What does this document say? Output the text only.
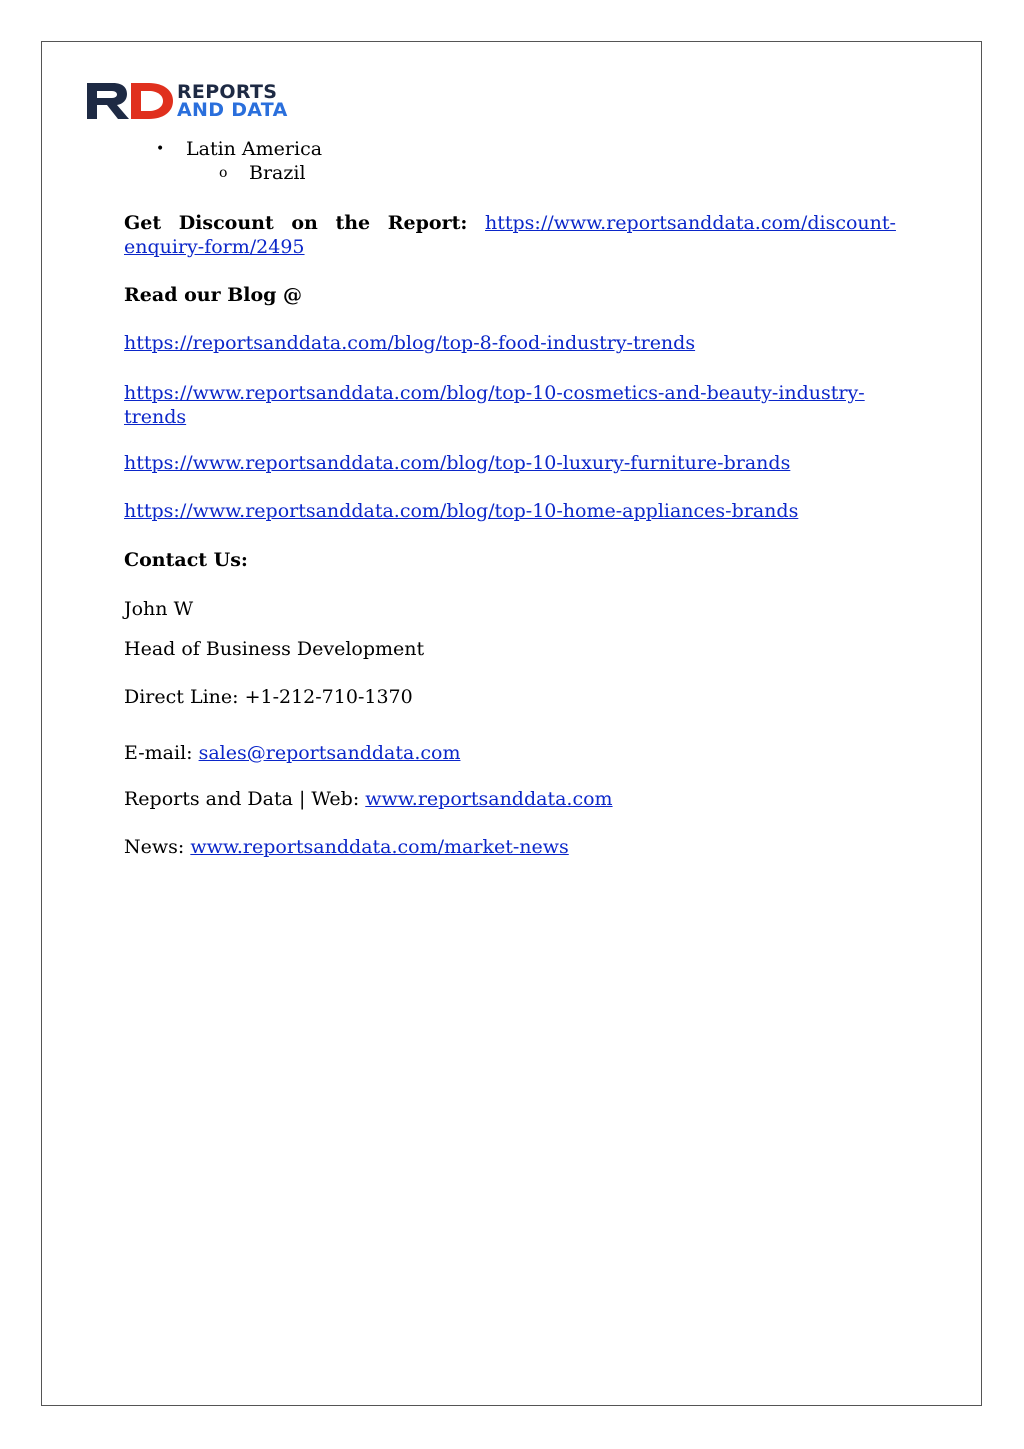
REPORTS
AND DATA
• Latin America
o Brazil
Get Discount on the Report: https://www.reportsanddata.com/discount-
enquiry-form/2495
Read our Blog @
https://reportsanddata.com/blog/top-8-food-industry-trends
https://www.reportsanddata.com/blog/top-10-cosmetics-and-beauty-industry-
trends
https://www.reportsanddata.com/blog/top-10-luxury-furniture-brands
https://www.reportsanddata.com/blog/top-10-home-appliances-brands
Contact Us:
John W
Head of Business Development
Direct Line: +1-212-710-1370
E-mail: sales@reportsanddata.com
Reports and Data | Web: www.reportsanddata.com
News: www.reportsanddata.com/market-news
